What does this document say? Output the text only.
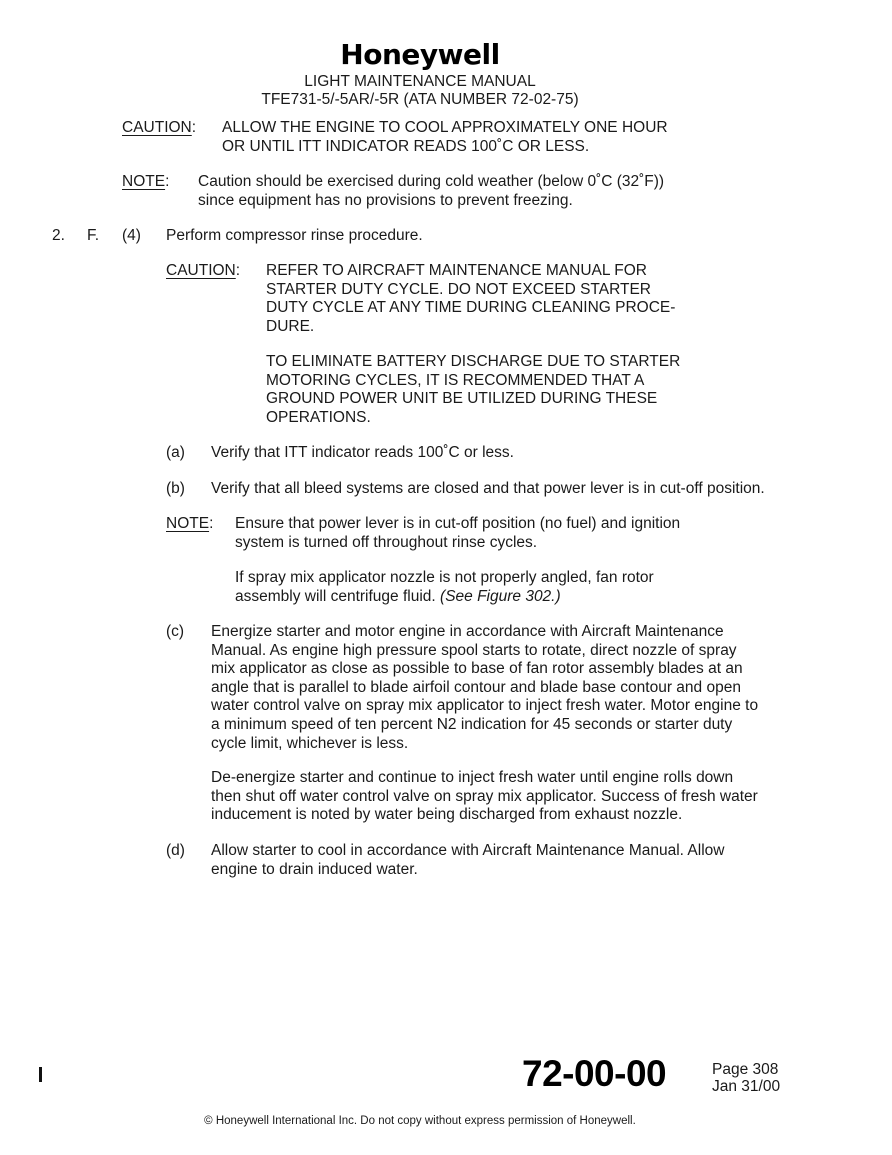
Honeywell
LIGHT MAINTENANCE MANUAL
TFE731-5/-5AR/-5R (ATA NUMBER 72-02-75)
CAUTION: ALLOW THE ENGINE TO COOL APPROXIMATELY ONE HOUR
OR UNTIL ITT INDICATOR READS 100˚C OR LESS.
NOTE: Caution should be exercised during cold weather (below 0˚C (32˚F))
since equipment has no provisions to prevent freezing.
2. F. (4) Perform compressor rinse procedure.
CAUTION: REFER TO AIRCRAFT MAINTENANCE MANUAL FOR
STARTER DUTY CYCLE. DO NOT EXCEED STARTER
DUTY CYCLE AT ANY TIME DURING CLEANING PROCE-
DURE.
TO ELIMINATE BATTERY DISCHARGE DUE TO STARTER
MOTORING CYCLES, IT IS RECOMMENDED THAT A
GROUND POWER UNIT BE UTILIZED DURING THESE
OPERATIONS.
(a) Verify that ITT indicator reads 100˚C or less.
(b) Verify that all bleed systems are closed and that power lever is in cut-off position.
NOTE: Ensure that power lever is in cut-off position (no fuel) and ignition
system is turned off throughout rinse cycles.
If spray mix applicator nozzle is not properly angled, fan rotor
assembly will centrifuge fluid. (See Figure 302.)
(c) Energize starter and motor engine in accordance with Aircraft Maintenance
Manual. As engine high pressure spool starts to rotate, direct nozzle of spray
mix applicator as close as possible to base of fan rotor assembly blades at an
angle that is parallel to blade airfoil contour and blade base contour and open
water control valve on spray mix applicator to inject fresh water. Motor engine to
a minimum speed of ten percent N2 indication for 45 seconds or starter duty
cycle limit, whichever is less.
De-energize starter and continue to inject fresh water until engine rolls down
then shut off water control valve on spray mix applicator. Success of fresh water
inducement is noted by water being discharged from exhaust nozzle.
(d) Allow starter to cool in accordance with Aircraft Maintenance Manual. Allow
engine to drain induced water.
72-00-00	Page 308
Jan 31/00
© Honeywell International Inc. Do not copy without express permission of Honeywell.
